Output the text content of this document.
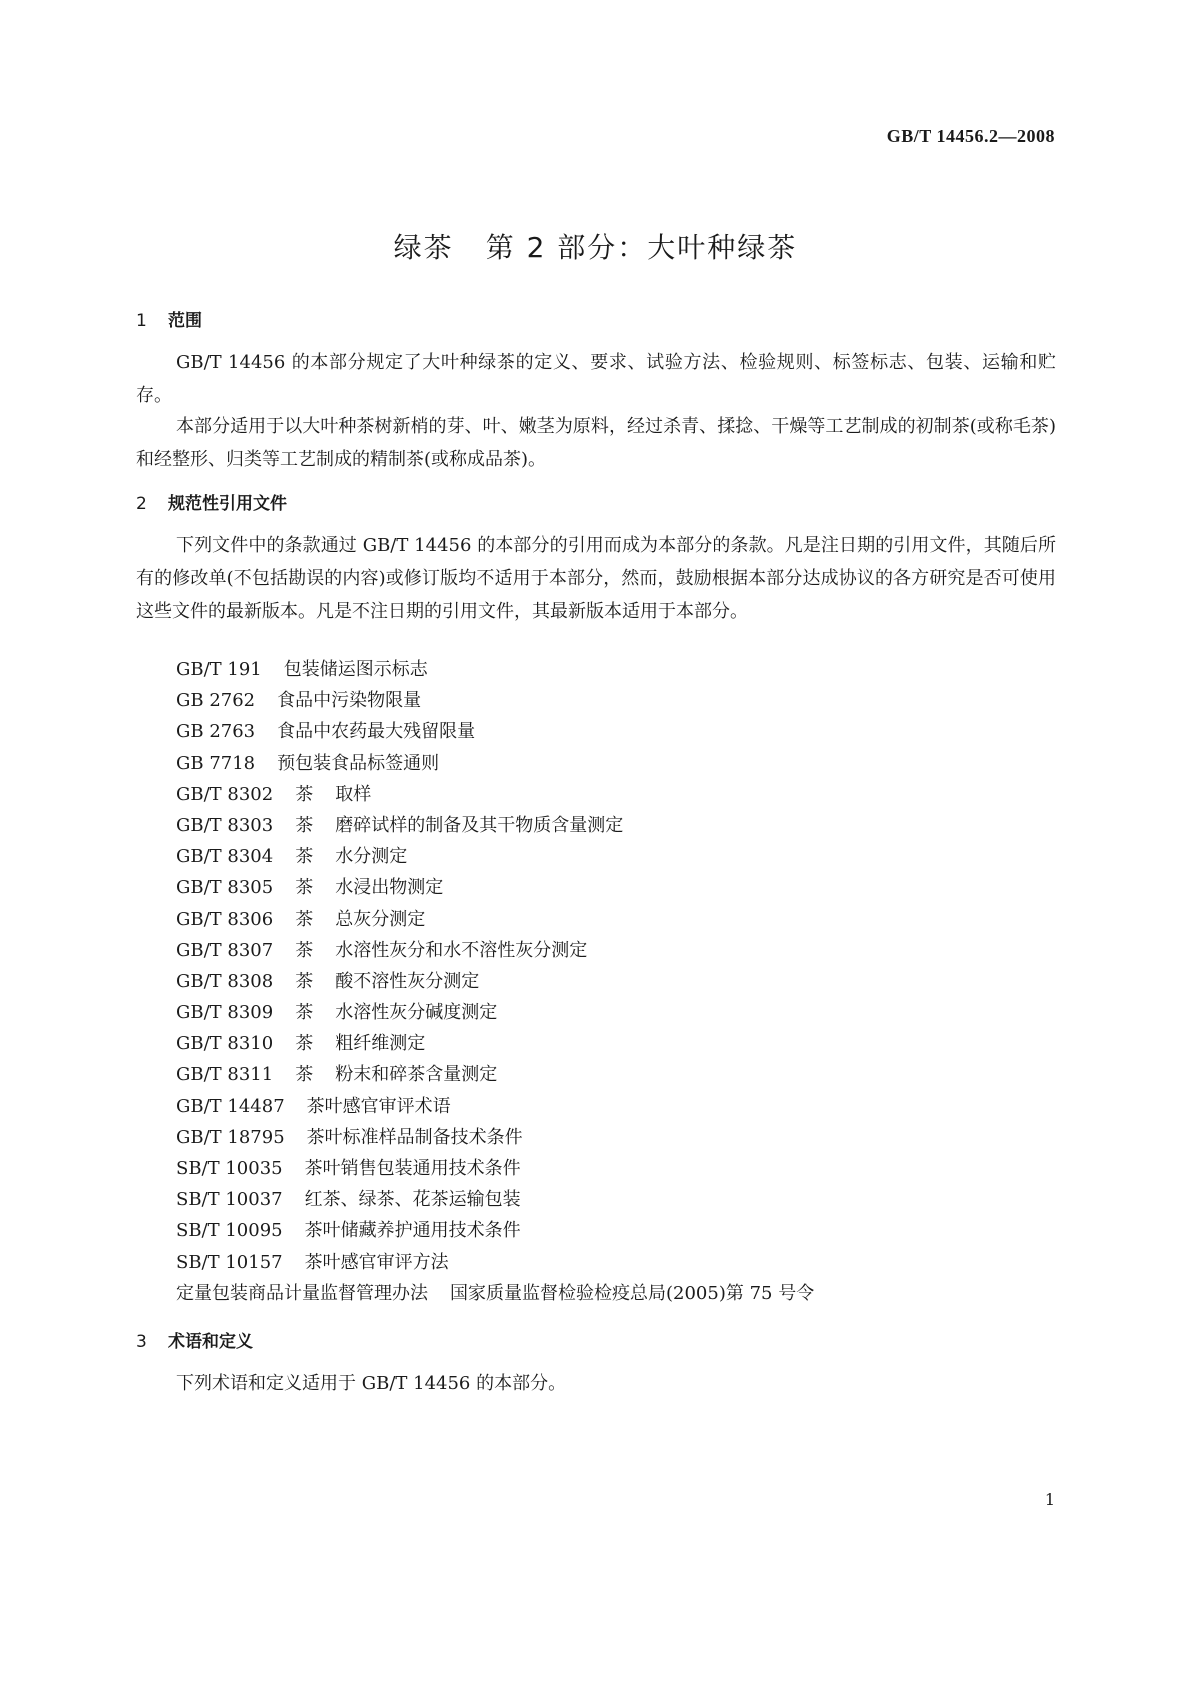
GB/T 14456.2—2008
绿茶 第 2 部分：大叶种绿茶
1 范围

GB/T 14456 的本部分规定了大叶种绿茶的定义、要求、试验方法、检验规则、标签标志、包装、运输和贮存。

本部分适用于以大叶种茶树新梢的芽、叶、嫩茎为原料，经过杀青、揉捻、干燥等工艺制成的初制茶(或称毛茶)和经整形、归类等工艺制成的精制茶(或称成品茶)。

2 规范性引用文件

下列文件中的条款通过 GB/T 14456 的本部分的引用而成为本部分的条款。凡是注日期的引用文件，其随后所有的修改单(不包括勘误的内容)或修订版均不适用于本部分，然而，鼓励根据本部分达成协议的各方研究是否可使用这些文件的最新版本。凡是不注日期的引用文件，其最新版本适用于本部分。

GB/T 191 包装储运图示标志
GB 2762 食品中污染物限量
GB 2763 食品中农药最大残留限量
GB 7718 预包装食品标签通则
GB/T 8302 茶 取样
GB/T 8303 茶 磨碎试样的制备及其干物质含量测定
GB/T 8304 茶 水分测定
GB/T 8305 茶 水浸出物测定
GB/T 8306 茶 总灰分测定
GB/T 8307 茶 水溶性灰分和水不溶性灰分测定
GB/T 8308 茶 酸不溶性灰分测定
GB/T 8309 茶 水溶性灰分碱度测定
GB/T 8310 茶 粗纤维测定
GB/T 8311 茶 粉末和碎茶含量测定
GB/T 14487 茶叶感官审评术语
GB/T 18795 茶叶标准样品制备技术条件
SB/T 10035 茶叶销售包装通用技术条件
SB/T 10037 红茶、绿茶、花茶运输包装
SB/T 10095 茶叶储藏养护通用技术条件
SB/T 10157 茶叶感官审评方法
定量包装商品计量监督管理办法 国家质量监督检验检疫总局(2005)第 75 号令
3 术语和定义

下列术语和定义适用于 GB/T 14456 的本部分。

1
